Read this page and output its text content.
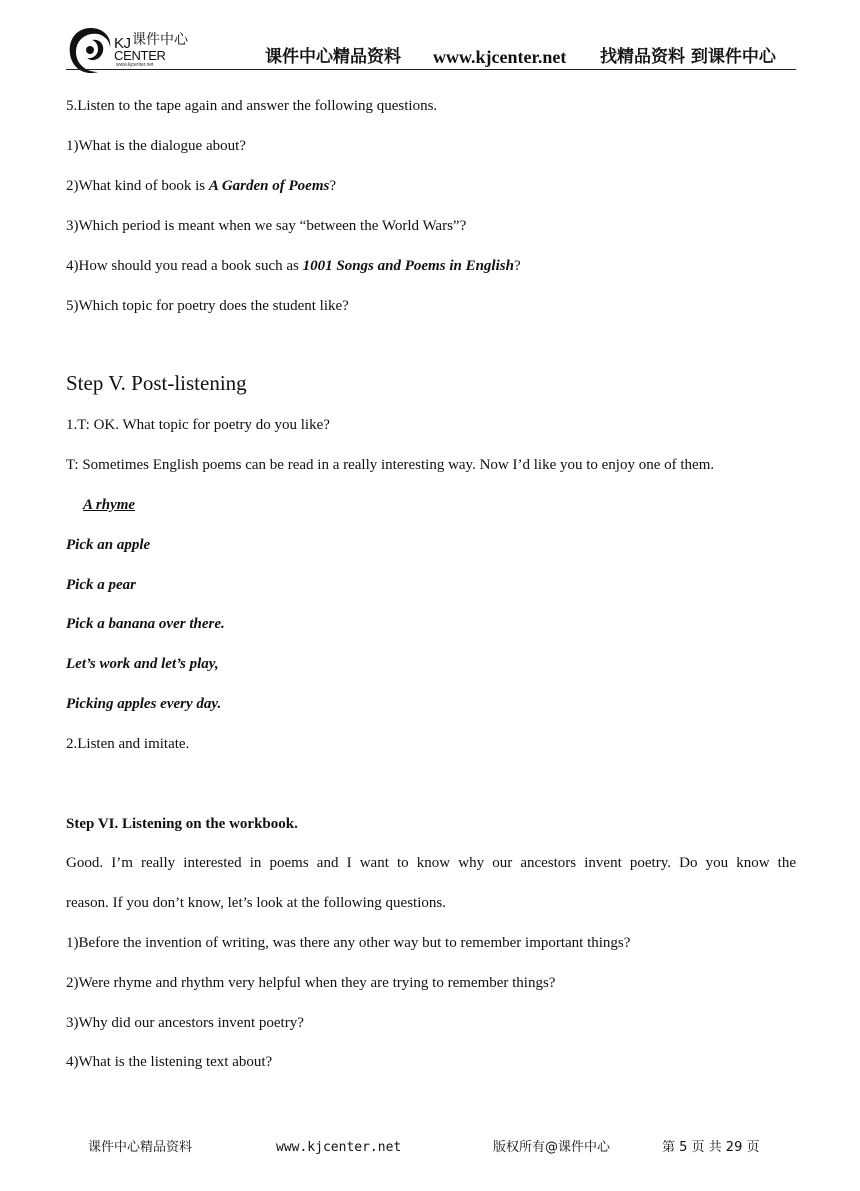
KJ 课件中心
CENTER
www.kjcenter.net	课件中心精品资料 www.kjcenter.net 找精品资料 到课件中心
5.Listen to the tape again and answer the following questions.
1)What is the dialogue about?
2)What kind of book is A Garden of Poems?
3)Which period is meant when we say “between the World Wars”?
4)How should you read a book such as 1001 Songs and Poems in English?
5)Which topic for poetry does the student like?
Step V. Post-listening
1.T: OK. What topic for poetry do you like?
T: Sometimes English poems can be read in a really interesting way. Now I’d like you to enjoy one of them.
A rhyme
Pick an apple
Pick a pear
Pick a banana over there.
Let’s work and let’s play,
Picking apples every day.
2.Listen and imitate.
Step VI. Listening on the workbook.
Good. I’m really interested in poems and I want to know why our ancestors invent poetry. Do you know the
reason. If you don’t know, let’s look at the following questions.
1)Before the invention of writing, was there any other way but to remember important things?
2)Were rhyme and rhythm very helpful when they are trying to remember things?
3)Why did our ancestors invent poetry?
4)What is the listening text about?
课件中心精品资料	www.kjcenter.net	版权所有@课件中心	第 5 页 共 29 页
